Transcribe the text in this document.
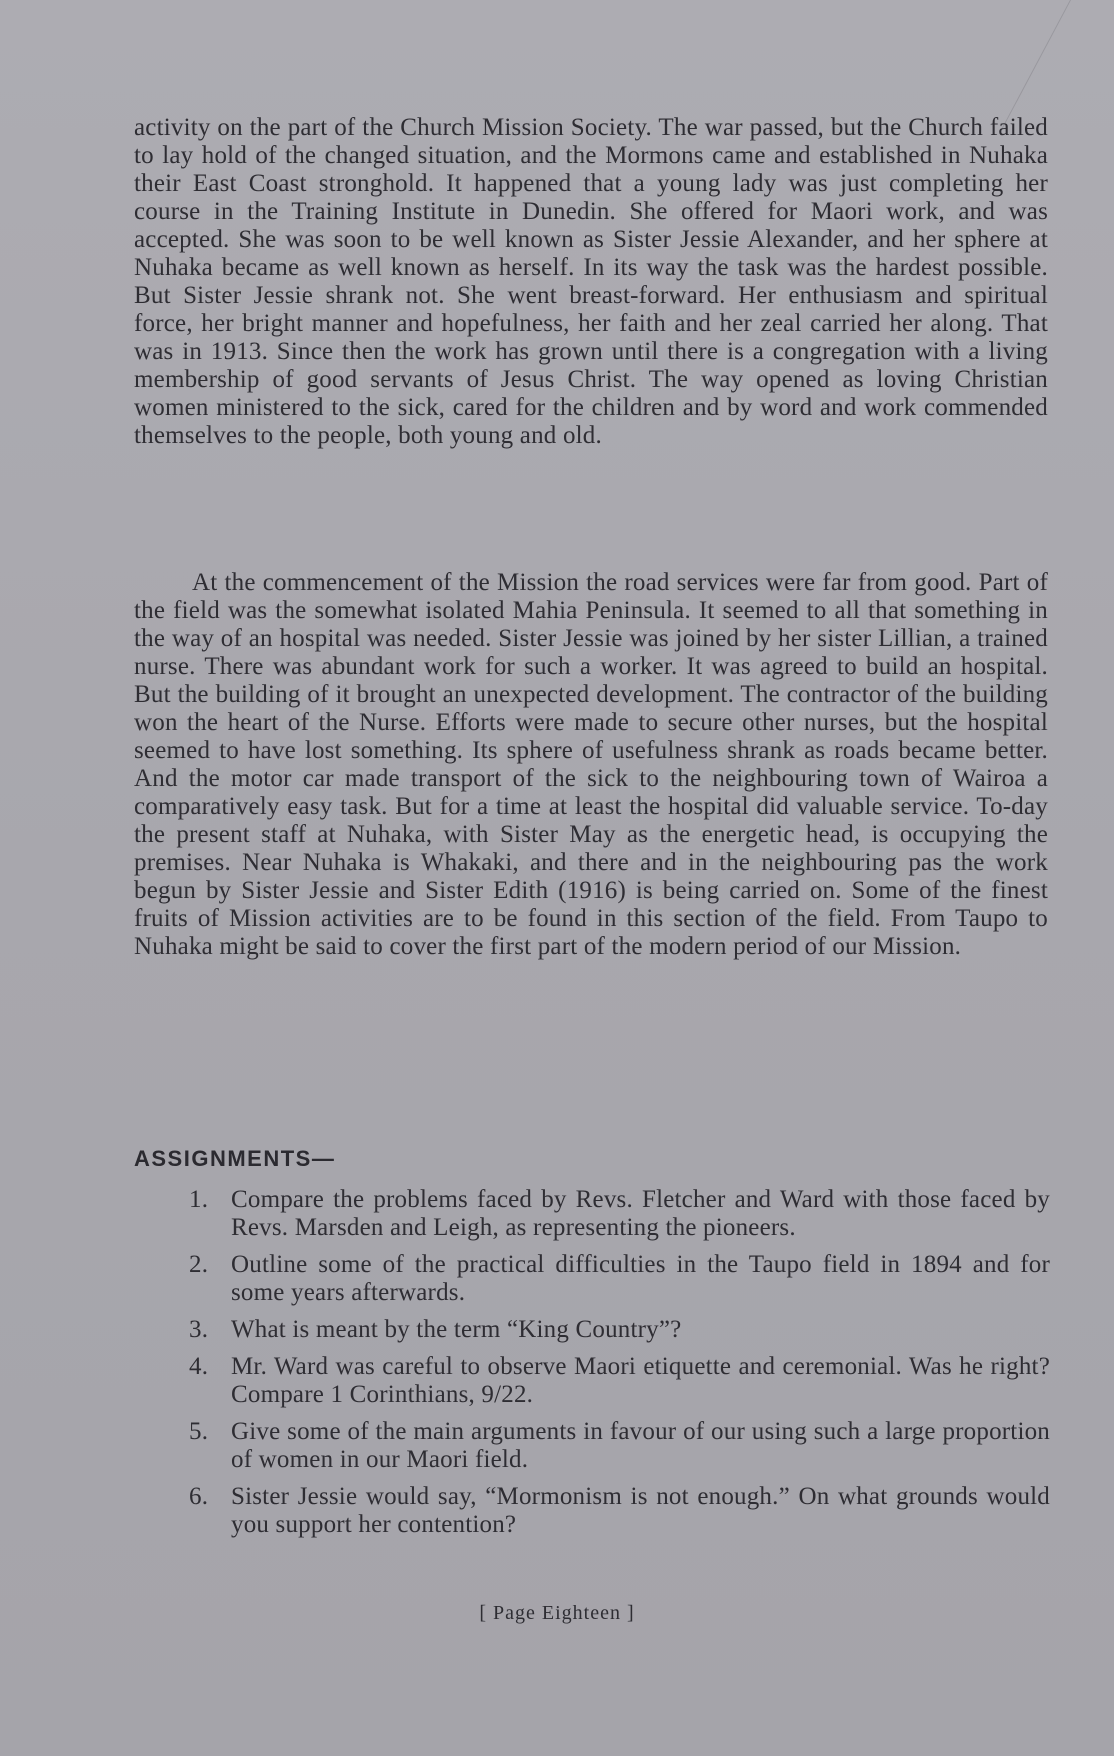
activity on the part of the Church Mission Society. The war passed, but the Church failed to lay hold of the changed situation, and the Mormons came and established in Nuhaka their East Coast stronghold. It happened that a young lady was just completing her course in the Training Institute in Dunedin. She offered for Maori work, and was accepted. She was soon to be well known as Sister Jessie Alexander, and her sphere at Nuhaka became as well known as herself. In its way the task was the hardest possible. But Sister Jessie shrank not. She went breast-forward. Her enthusiasm and spiritual force, her bright manner and hopefulness, her faith and her zeal carried her along. That was in 1913. Since then the work has grown until there is a congregation with a living membership of good servants of Jesus Christ. The way opened as loving Christian women ministered to the sick, cared for the children and by word and work commended themselves to the people, both young and old.

At the commencement of the Mission the road services were far from good. Part of the field was the somewhat isolated Mahia Peninsula. It seemed to all that something in the way of an hospital was needed. Sister Jessie was joined by her sister Lillian, a trained nurse. There was abundant work for such a worker. It was agreed to build an hospital. But the building of it brought an unexpected development. The contractor of the building won the heart of the Nurse. Efforts were made to secure other nurses, but the hospital seemed to have lost something. Its sphere of usefulness shrank as roads became better. And the motor car made transport of the sick to the neighbouring town of Wairoa a comparatively easy task. But for a time at least the hospital did valuable service. To-day the present staff at Nuhaka, with Sister May as the energetic head, is occupying the premises. Near Nuhaka is Whakaki, and there and in the neighbouring pas the work begun by Sister Jessie and Sister Edith (1916) is being carried on. Some of the finest fruits of Mission activities are to be found in this section of the field. From Taupo to Nuhaka might be said to cover the first part of the modern period of our Mission.

ASSIGNMENTS—
1. Compare the problems faced by Revs. Fletcher and Ward with those faced by Revs. Marsden and Leigh, as representing the pioneers.
2. Outline some of the practical difficulties in the Taupo field in 1894 and for some years afterwards.
3. What is meant by the term “King Country”?
4. Mr. Ward was careful to observe Maori etiquette and ceremonial. Was he right? Compare 1 Corinthians, 9/22.
5. Give some of the main arguments in favour of our using such a large proportion of women in our Maori field.
6. Sister Jessie would say, “Mormonism is not enough.” On what grounds would you support her contention?
[ Page Eighteen ]
